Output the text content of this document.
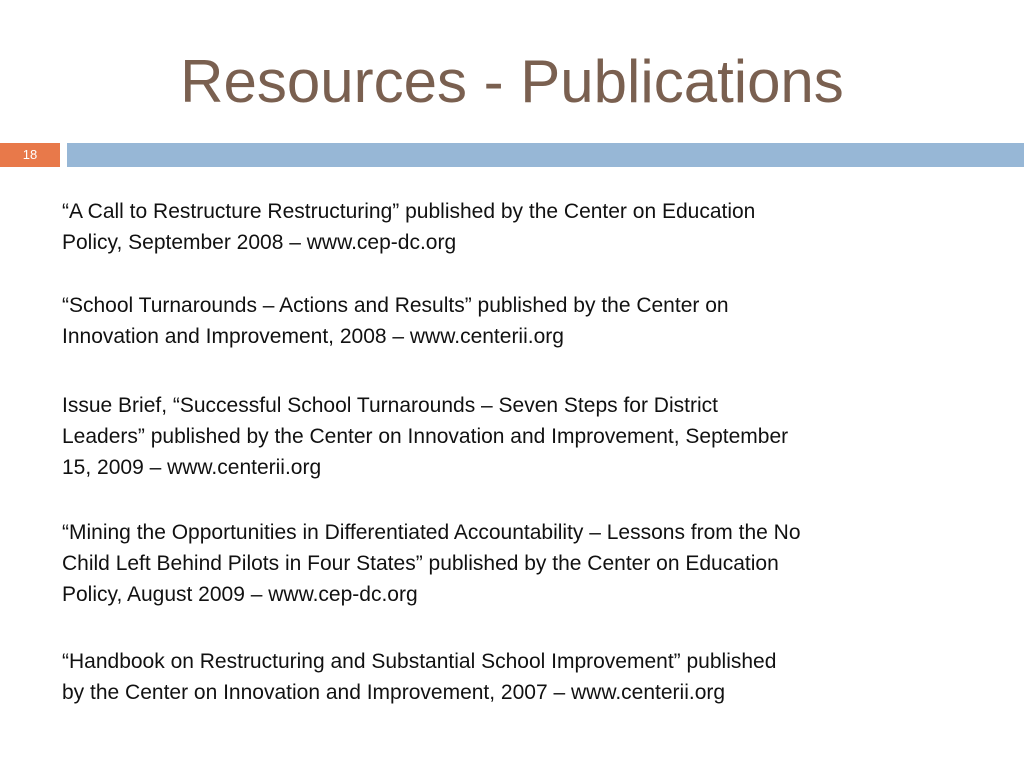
Resources - Publications
18
“A Call to Restructure Restructuring” published by the Center on Education
Policy, September 2008 – www.cep-dc.org
“School Turnarounds – Actions and Results” published by the Center on
Innovation and Improvement, 2008 – www.centerii.org
Issue Brief, “Successful School Turnarounds – Seven Steps for District
Leaders” published by the Center on Innovation and Improvement, September
15, 2009 – www.centerii.org
“Mining the Opportunities in Differentiated Accountability – Lessons from the No
Child Left Behind Pilots in Four States” published by the Center on Education
Policy, August 2009 – www.cep-dc.org
“Handbook on Restructuring and Substantial School Improvement” published
by the Center on Innovation and Improvement, 2007 – www.centerii.org
